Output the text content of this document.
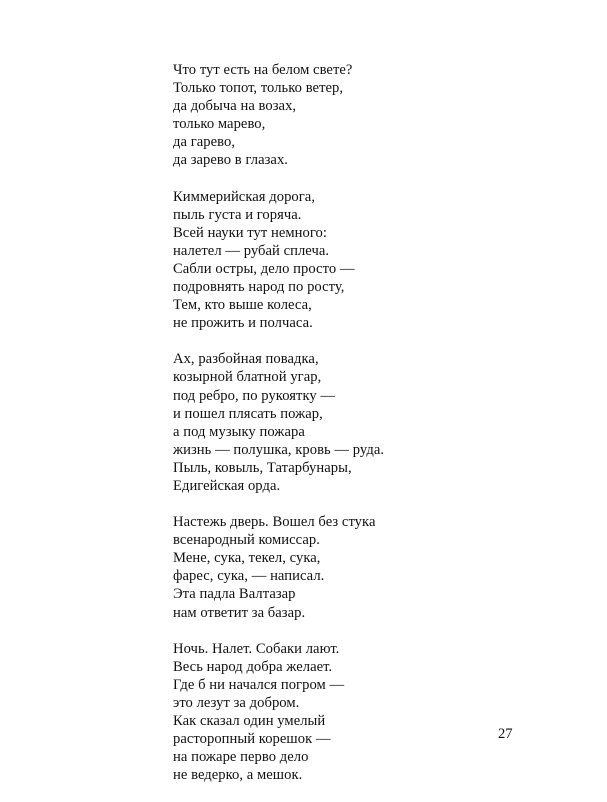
Что тут есть на белом свете?
Только топот, только ветер,
да добыча на возах,
только марево,
да гарево,
да зарево в глазах.
Киммерийская дорога,
пыль густа и горяча.
Всей науки тут немного:
налетел — рубай сплеча.
Сабли остры, дело просто —
подровнять народ по росту,
Тем, кто выше колеса,
не прожить и полчаса.
Ах, разбойная повадка,
козырной блатной угар,
под ребро, по рукоятку —
и пошел плясать пожар,
а под музыку пожара
жизнь — полушка, кровь — руда.
Пыль, ковыль, Татарбунары,
Едигейская орда.
Настежь дверь. Вошел без стука
всенародный комиссар.
Мене, сука, текел, сука,
фарес, сука, — написал.
Эта падла Валтазар
нам ответит за базар.
Ночь. Налет. Собаки лают.
Весь народ добра желает.
Где б ни начался погром —
это лезут за добром.
Как сказал один умелый
расторопный корешок —
на пожаре перво дело
не ведерко, а мешок.
27
